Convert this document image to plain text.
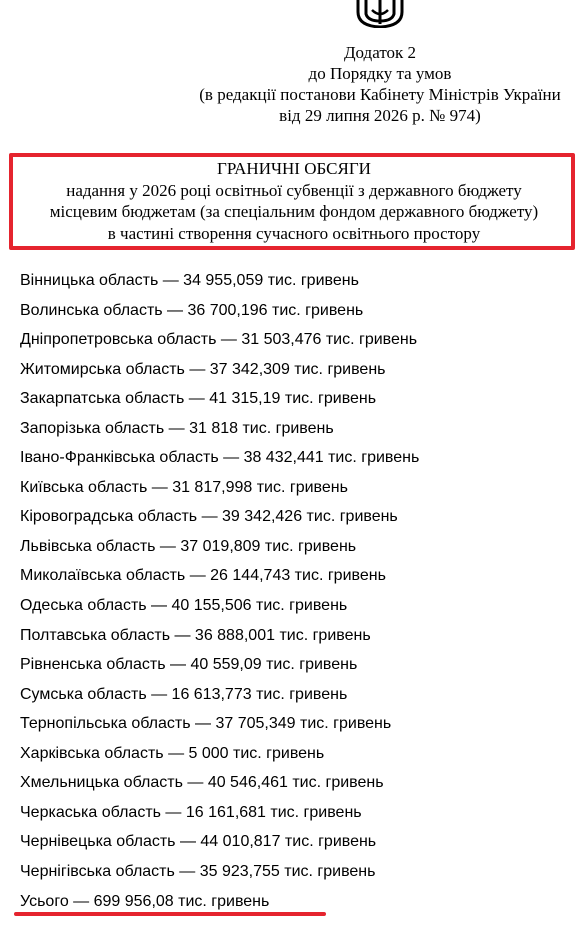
Додаток 2
до Порядку та умов
(в редакції постанови Кабінету Міністрів України
від 29 липня 2026 р. № 974)
ГРАНИЧНІ ОБСЯГИ
надання у 2026 році освітньої субвенції з державного бюджету
місцевим бюджетам (за спеціальним фондом державного бюджету)
в частині створення сучасного освітнього простору
Вінницька область — 34 955,059 тис. гривень
Волинська область — 36 700,196 тис. гривень
Дніпропетровська область — 31 503,476 тис. гривень
Житомирська область — 37 342,309 тис. гривень
Закарпатська область — 41 315,19 тис. гривень
Запорізька область — 31 818 тис. гривень
Івано-Франківська область — 38 432,441 тис. гривень
Київська область — 31 817,998 тис. гривень
Кіровоградська область — 39 342,426 тис. гривень
Львівська область — 37 019,809 тис. гривень
Миколаївська область — 26 144,743 тис. гривень
Одеська область — 40 155,506 тис. гривень
Полтавська область — 36 888,001 тис. гривень
Рівненська область — 40 559,09 тис. гривень
Сумська область — 16 613,773 тис. гривень
Тернопільська область — 37 705,349 тис. гривень
Харківська область — 5 000 тис. гривень
Хмельницька область — 40 546,461 тис. гривень
Черкаська область — 16 161,681 тис. гривень
Чернівецька область — 44 010,817 тис. гривень
Чернігівська область — 35 923,755 тис. гривень
Усього — 699 956,08 тис. гривень
